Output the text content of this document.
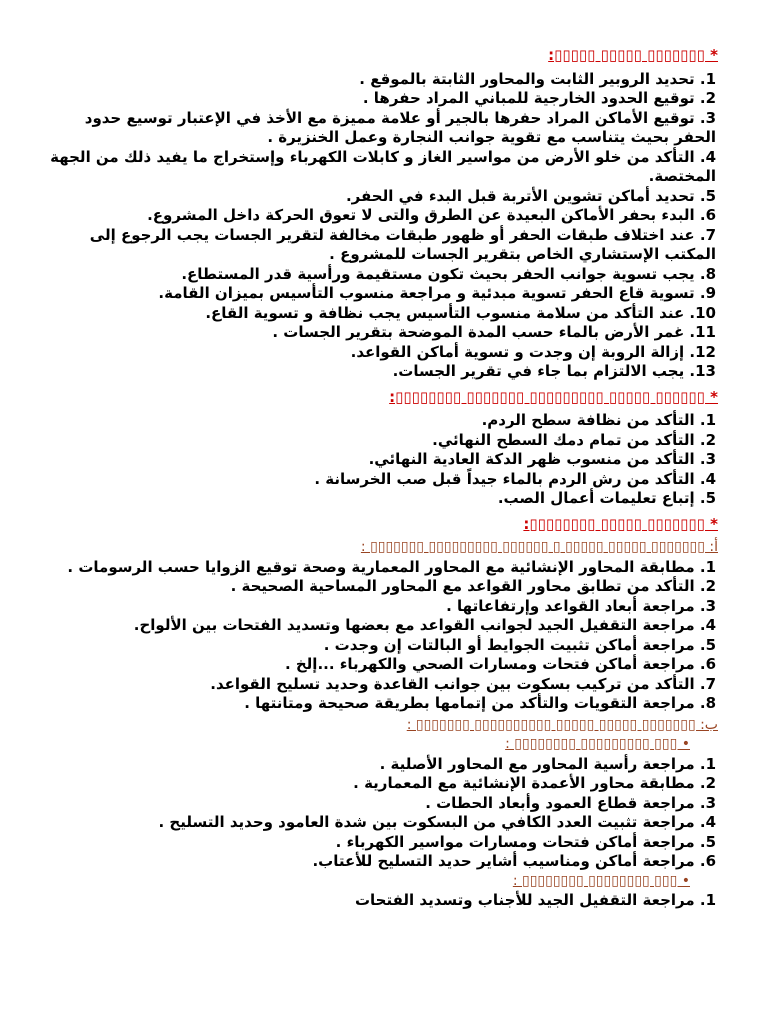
* ▯▯▯▯▯▯▯ ▯▯▯▯▯ ▯▯▯▯▯:

1 . تحديد الروبير الثابت والمحاور الثابتة بالموقع .

2 . توقيع الحدود الخارجية للمباني المراد حفرها .

3 . توقيع الأماكن المراد حفرها بالجير أو علامة مميزة مع الأخذ في الإعتبار توسيع حدود الحفر بحيث يتناسب مع تقوية جوانب النجارة وعمل الخنزيرة .

4 . التأكد من خلو الأرض من مواسير الغاز و كابلات الكهرباء وإستخراج ما يفيد ذلك من الجهة المختصة.

5 . تحديد أماكن تشوين الأتربة قبل البدء في الحفر.

6 . البدء بحفر الأماكن البعيدة عن الطرق والتى لا تعوق الحركة داخل المشروع.

7 . عند اختلاف طبقات الحفر أو ظهور طبقات مخالفة لتقرير الجسات يجب الرجوع إلى المكتب الإستشاري الخاص بتقرير الجسات للمشروع .

8 . يجب تسوية جوانب الحفر بحيث تكون مستقيمة ورأسية قدر المستطاع.

9 . تسوية قاع الحفر تسوية مبدئية و مراجعة منسوب التأسيس بميزان القامة.

10 . عند التأكد من سلامة منسوب التأسيس يجب نظافة و تسوية القاع.

11 . غمر الأرض بالماء حسب المدة الموضحة بتقرير الجسات .

12 . إزالة الروبة إن وجدت و تسوية أماكن القواعد.

13 . يجب الالتزام بما جاء في تقرير الجسات.

* ▯▯▯▯▯▯ ▯▯▯▯▯ ▯▯▯▯▯▯▯▯▯ ▯▯▯▯▯▯▯ ▯▯▯▯▯▯▯▯:

1 . التأكد من نظافة سطح الردم.

2 . التأكد من تمام دمك السطح النهائي.

3 . التأكد من منسوب ظهر الدكة العادية النهائي.

4 . التأكد من رش الردم بالماء جيداً قبل صب الخرسانة .

5 . إتباع تعليمات أعمال الصب.

* ▯▯▯▯▯▯▯ ▯▯▯▯▯ ▯▯▯▯▯▯▯▯:

أ: ▯▯▯▯▯▯▯ ▯▯▯▯▯ ▯▯▯▯▯ ▯ ▯▯▯▯▯▯ ▯▯▯▯▯▯▯▯▯ ▯▯▯▯▯▯▯ :

1 . مطابقة المحاور الإنشائية مع المحاور المعمارية وصحة توقيع الزوايا حسب الرسومات .

2 . التأكد من تطابق محاور القواعد مع المحاور المساحية الصحيحة .

3 . مراجعة أبعاد القواعد وإرتفاعاتها .

4 . مراجعة التقفيل الجيد لجوانب القواعد مع بعضها وتسديد الفتحات بين الألواح.

5 . مراجعة أماكن تثبيت الجوايط أو البالتات إن وجدت .

6 . مراجعة أماكن فتحات ومسارات الصحي والكهرباء ...إلخ .

7 . التأكد من تركيب بسكوت بين جوانب القاعدة وحديد تسليح القواعد.

8 . مراجعة التقويات والتأكد من إتمامها بطريقة صحيحة ومتانتها .

ب: ▯▯▯▯▯▯▯ ▯▯▯▯▯ ▯▯▯▯▯ ▯▯▯▯▯▯▯▯▯▯ ▯▯▯▯▯▯▯ :

• ▯▯▯ ▯▯▯▯▯▯▯▯▯ ▯▯▯▯▯▯▯▯ :

1 . مراجعة رأسية المحاور مع المحاور الأصلية .

2 . مطابقة محاور الأعمدة الإنشائية مع المعمارية .

3 . مراجعة قطاع العمود وأبعاد الحطات .

4 . مراجعة تثبيت العدد الكافي من البسكوت بين شدة العامود وحديد التسليح .

5 . مراجعة أماكن فتحات ومسارات مواسير الكهرباء .

6 . مراجعة أماكن ومناسيب أشاير حديد التسليح للأعتاب.

• ▯▯▯ ▯▯▯▯▯▯▯▯ ▯▯▯▯▯▯▯▯ :

1. مراجعة التقفيل الجيد للأجناب وتسديد الفتحات
